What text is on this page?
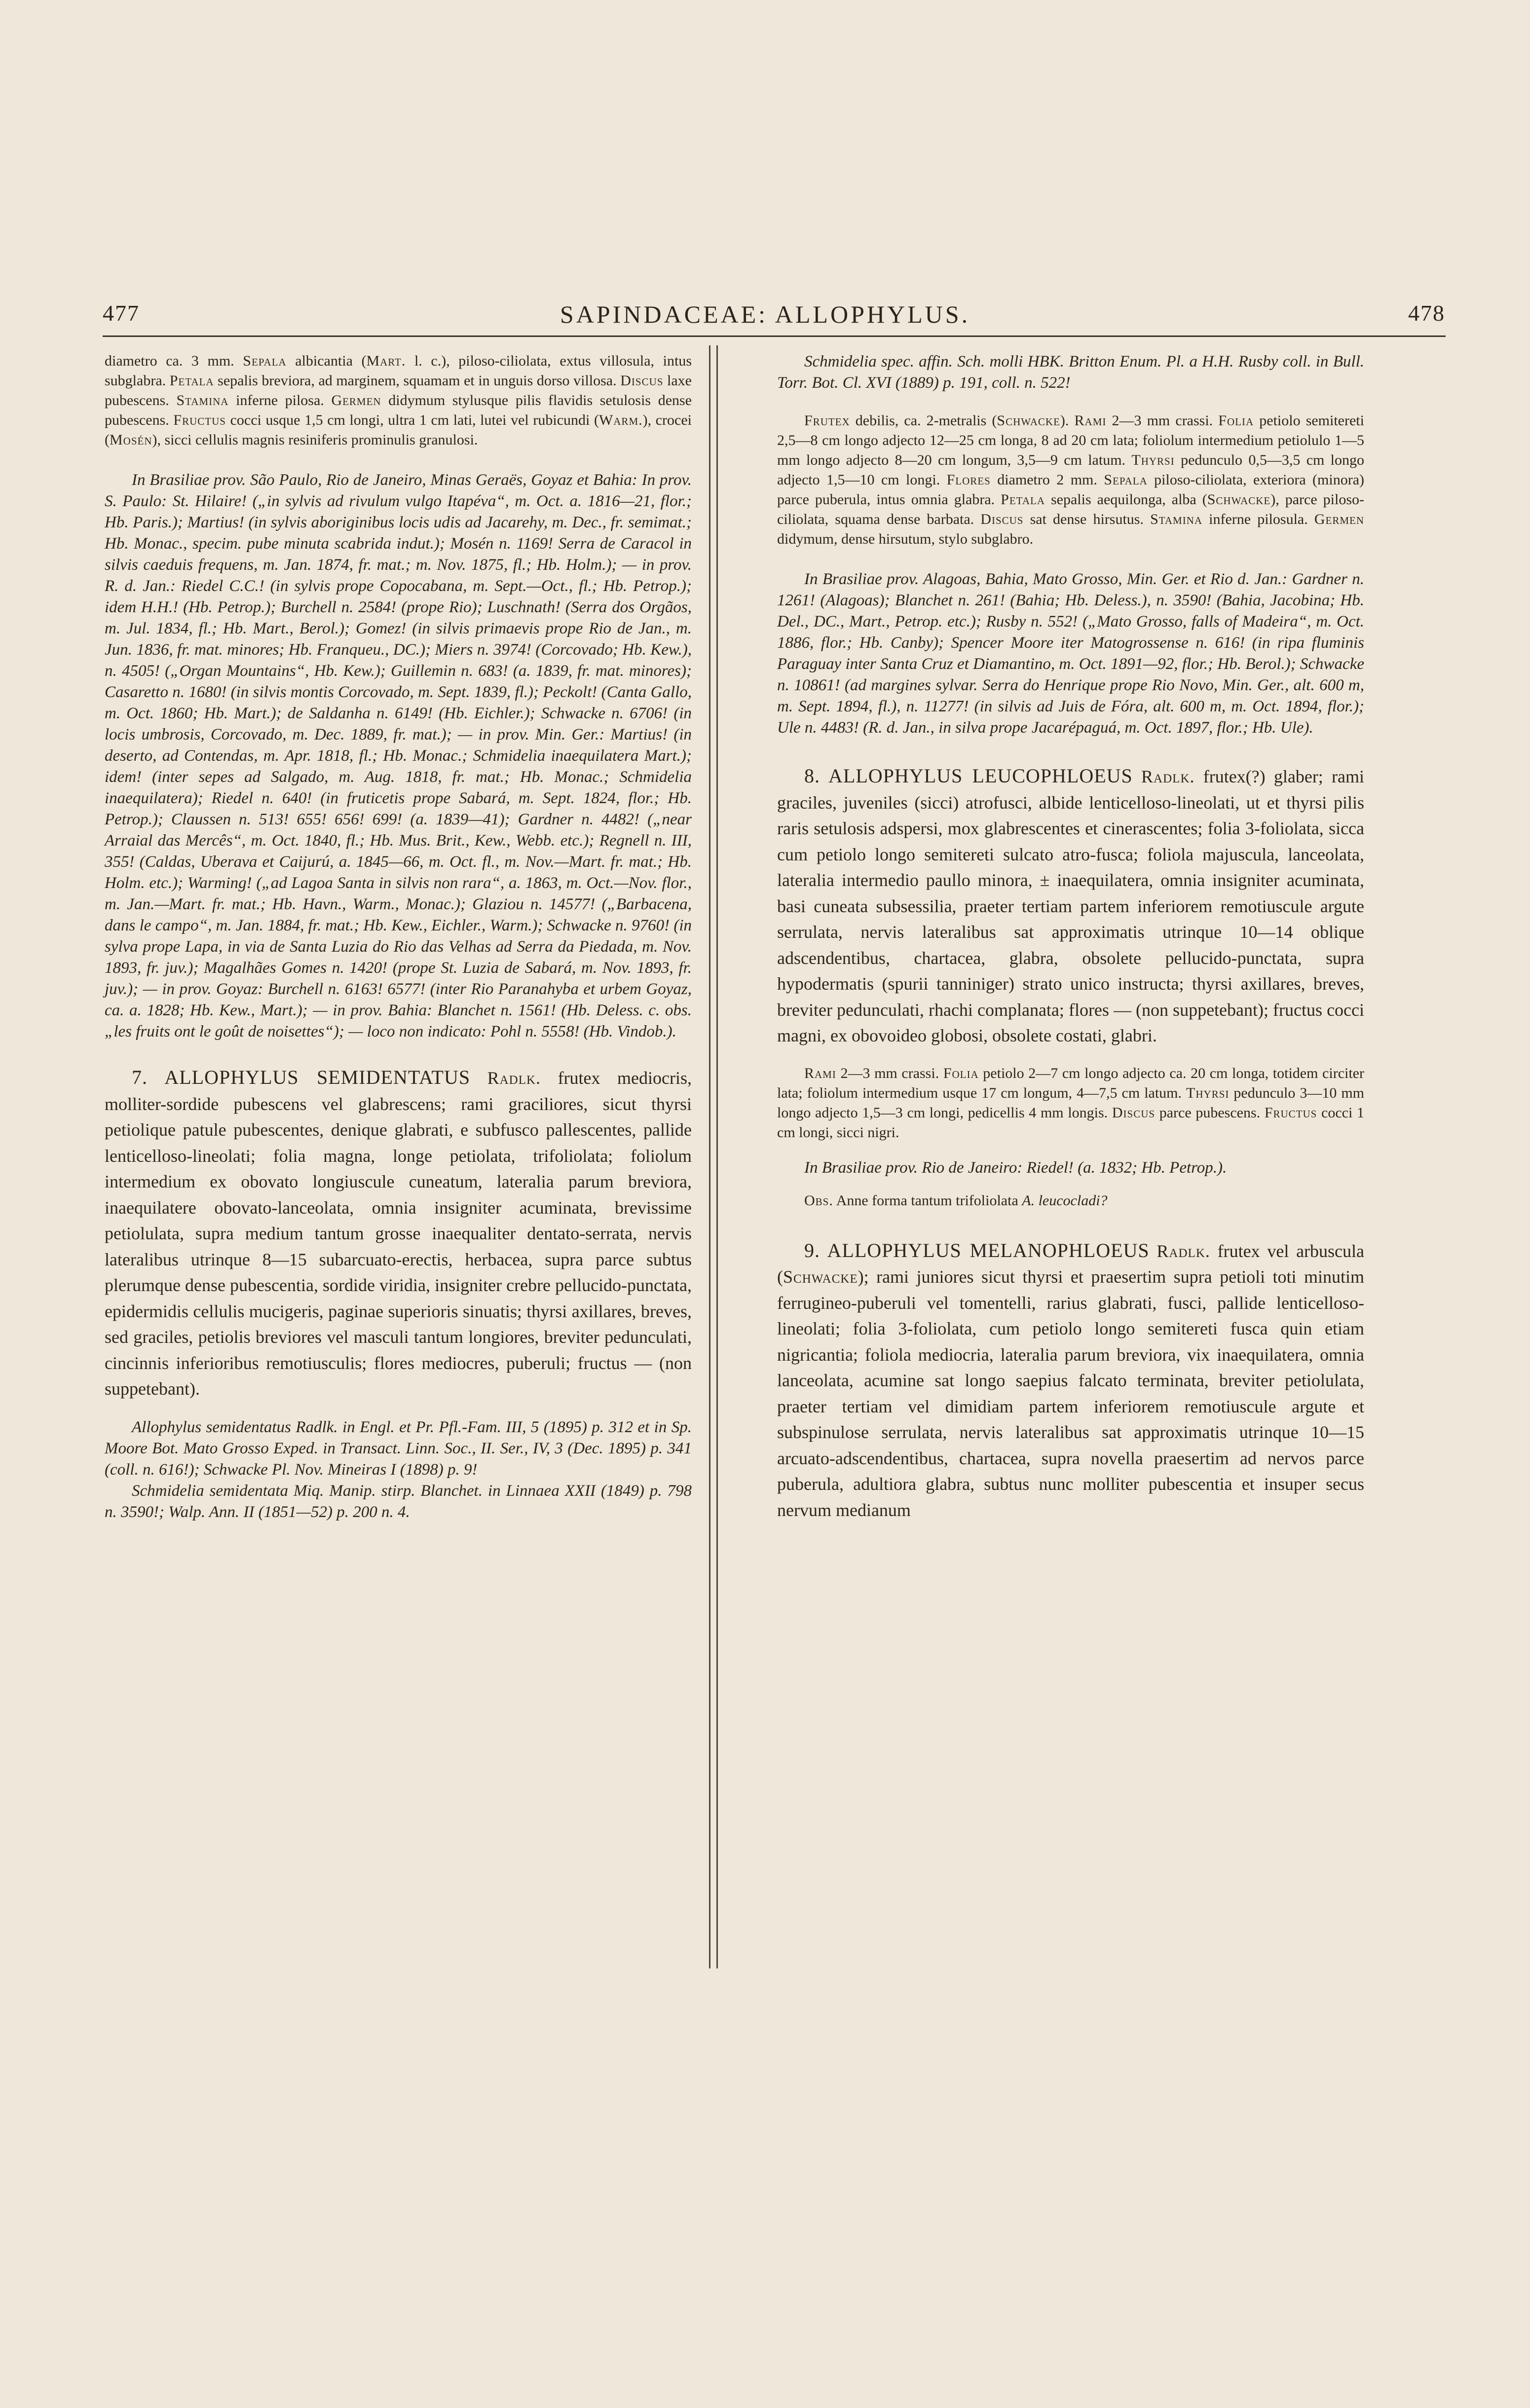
477	SAPINDACEAE: ALLOPHYLUS.	478

diametro ca. 3 mm. Sepala albicantia (Mart. l. c.), piloso-ciliolata, extus villosula, intus subglabra. Petala sepalis breviora, ad marginem, squamam et in unguis dorso villosa. Discus laxe pubescens. Stamina inferne pilosa. Germen didymum stylusque pilis flavidis setulosis dense pubescens. Fructus cocci usque 1,5 cm longi, ultra 1 cm lati, lutei vel rubicundi (Warm.), crocei (Mosén), sicci cellulis magnis resiniferis prominulis granulosi.

In Brasiliae prov. São Paulo, Rio de Janeiro, Minas Geraës, Goyaz et Bahia: In prov. S. Paulo: St. Hilaire! („in sylvis ad rivulum vulgo Itapéva“, m. Oct. a. 1816—21, flor.; Hb. Paris.); Martius! (in sylvis aboriginibus locis udis ad Jacarehy, m. Dec., fr. semimat.; Hb. Monac., specim. pube minuta scabrida indut.); Mosén n. 1169! Serra de Caracol in silvis caeduis frequens, m. Jan. 1874, fr. mat.; m. Nov. 1875, fl.; Hb. Holm.); — in prov. R. d. Jan.: Riedel C.C.! (in sylvis prope Copocabana, m. Sept.—Oct., fl.; Hb. Petrop.); idem H.H.! (Hb. Petrop.); Burchell n. 2584! (prope Rio); Luschnath! (Serra dos Orgãos, m. Jul. 1834, fl.; Hb. Mart., Berol.); Gomez! (in silvis primaevis prope Rio de Jan., m. Jun. 1836, fr. mat. minores; Hb. Franqueu., DC.); Miers n. 3974! (Corcovado; Hb. Kew.), n. 4505! („Organ Mountains“, Hb. Kew.); Guillemin n. 683! (a. 1839, fr. mat. minores); Casaretto n. 1680! (in silvis montis Corcovado, m. Sept. 1839, fl.); Peckolt! (Canta Gallo, m. Oct. 1860; Hb. Mart.); de Saldanha n. 6149! (Hb. Eichler.); Schwacke n. 6706! (in locis umbrosis, Corcovado, m. Dec. 1889, fr. mat.); — in prov. Min. Ger.: Martius! (in deserto, ad Contendas, m. Apr. 1818, fl.; Hb. Monac.; Schmidelia inaequilatera Mart.); idem! (inter sepes ad Salgado, m. Aug. 1818, fr. mat.; Hb. Monac.; Schmidelia inaequilatera); Riedel n. 640! (in fruticetis prope Sabará, m. Sept. 1824, flor.; Hb. Petrop.); Claussen n. 513! 655! 656! 699! (a. 1839—41); Gardner n. 4482! („near Arraial das Mercês“, m. Oct. 1840, fl.; Hb. Mus. Brit., Kew., Webb. etc.); Regnell n. III, 355! (Caldas, Uberava et Caijurú, a. 1845—66, m. Oct. fl., m. Nov.—Mart. fr. mat.; Hb. Holm. etc.); Warming! („ad Lagoa Santa in silvis non rara“, a. 1863, m. Oct.—Nov. flor., m. Jan.—Mart. fr. mat.; Hb. Havn., Warm., Monac.); Glaziou n. 14577! („Barbacena, dans le campo“, m. Jan. 1884, fr. mat.; Hb. Kew., Eichler., Warm.); Schwacke n. 9760! (in sylva prope Lapa, in via de Santa Luzia do Rio das Velhas ad Serra da Piedada, m. Nov. 1893, fr. juv.); Magalhães Gomes n. 1420! (prope St. Luzia de Sabará, m. Nov. 1893, fr. juv.); — in prov. Goyaz: Burchell n. 6163! 6577! (inter Rio Paranahyba et urbem Goyaz, ca. a. 1828; Hb. Kew., Mart.); — in prov. Bahia: Blanchet n. 1561! (Hb. Deless. c. obs. „les fruits ont le goût de noisettes“); — loco non indicato: Pohl n. 5558! (Hb. Vindob.).

7. ALLOPHYLUS SEMIDENTATUS Radlk. frutex mediocris, molliter-sordide pubescens vel glabrescens; rami graciliores, sicut thyrsi petiolique patule pubescentes, denique glabrati, e subfusco pallescentes, pallide lenticelloso-lineolati; folia magna, longe petiolata, trifoliolata; foliolum intermedium ex obovato longiuscule cuneatum, lateralia parum breviora, inaequilatere obovato-lanceolata, omnia insigniter acuminata, brevissime petiolulata, supra medium tantum grosse inaequaliter dentato-serrata, nervis lateralibus utrinque 8—15 subarcuato-erectis, herbacea, supra parce subtus plerumque dense pubescentia, sordide viridia, insigniter crebre pellucido-punctata, epidermidis cellulis mucigeris, paginae superioris sinuatis; thyrsi axillares, breves, sed graciles, petiolis breviores vel masculi tantum longiores, breviter pedunculati, cincinnis inferioribus remotiusculis; flores mediocres, puberuli; fructus — (non suppetebant).

Allophylus semidentatus Radlk. in Engl. et Pr. Pfl.-Fam. III, 5 (1895) p. 312 et in Sp. Moore Bot. Mato Grosso Exped. in Transact. Linn. Soc., II. Ser., IV, 3 (Dec. 1895) p. 341 (coll. n. 616!); Schwacke Pl. Nov. Mineiras I (1898) p. 9!

Schmidelia semidentata Miq. Manip. stirp. Blanchet. in Linnaea XXII (1849) p. 798 n. 3590!; Walp. Ann. II (1851—52) p. 200 n. 4.

Schmidelia spec. affin. Sch. molli HBK. Britton Enum. Pl. a H.H. Rusby coll. in Bull. Torr. Bot. Cl. XVI (1889) p. 191, coll. n. 522!

Frutex debilis, ca. 2-metralis (Schwacke). Rami 2—3 mm crassi. Folia petiolo semitereti 2,5—8 cm longo adjecto 12—25 cm longa, 8 ad 20 cm lata; foliolum intermedium petiolulo 1—5 mm longo adjecto 8—20 cm longum, 3,5—9 cm latum. Thyrsi pedunculo 0,5—3,5 cm longo adjecto 1,5—10 cm longi. Flores diametro 2 mm. Sepala piloso-ciliolata, exteriora (minora) parce puberula, intus omnia glabra. Petala sepalis aequilonga, alba (Schwacke), parce piloso-ciliolata, squama dense barbata. Discus sat dense hirsutus. Stamina inferne pilosula. Germen didymum, dense hirsutum, stylo subglabro.

In Brasiliae prov. Alagoas, Bahia, Mato Grosso, Min. Ger. et Rio d. Jan.: Gardner n. 1261! (Alagoas); Blanchet n. 261! (Bahia; Hb. Deless.), n. 3590! (Bahia, Jacobina; Hb. Del., DC., Mart., Petrop. etc.); Rusby n. 552! („Mato Grosso, falls of Madeira“, m. Oct. 1886, flor.; Hb. Canby); Spencer Moore iter Matogrossense n. 616! (in ripa fluminis Paraguay inter Santa Cruz et Diamantino, m. Oct. 1891—92, flor.; Hb. Berol.); Schwacke n. 10861! (ad margines sylvar. Serra do Henrique prope Rio Novo, Min. Ger., alt. 600 m, m. Sept. 1894, fl.), n. 11277! (in silvis ad Juis de Fóra, alt. 600 m, m. Oct. 1894, flor.); Ule n. 4483! (R. d. Jan., in silva prope Jacarépaguá, m. Oct. 1897, flor.; Hb. Ule).

8. ALLOPHYLUS LEUCOPHLOEUS Radlk. frutex(?) glaber; rami graciles, juveniles (sicci) atrofusci, albide lenticelloso-lineolati, ut et thyrsi pilis raris setulosis adspersi, mox glabrescentes et cinerascentes; folia 3-foliolata, sicca cum petiolo longo semitereti sulcato atro-fusca; foliola majuscula, lanceolata, lateralia intermedio paullo minora, ± inaequilatera, omnia insigniter acuminata, basi cuneata subsessilia, praeter tertiam partem inferiorem remotiuscule argute serrulata, nervis lateralibus sat approximatis utrinque 10—14 oblique adscendentibus, chartacea, glabra, obsolete pellucido-punctata, supra hypodermatis (spurii tanniniger) strato unico instructa; thyrsi axillares, breves, breviter pedunculati, rhachi complanata; flores — (non suppetebant); fructus cocci magni, ex obovoideo globosi, obsolete costati, glabri.

Rami 2—3 mm crassi. Folia petiolo 2—7 cm longo adjecto ca. 20 cm longa, totidem circiter lata; foliolum intermedium usque 17 cm longum, 4—7,5 cm latum. Thyrsi pedunculo 3—10 mm longo adjecto 1,5—3 cm longi, pedicellis 4 mm longis. Discus parce pubescens. Fructus cocci 1 cm longi, sicci nigri.

In Brasiliae prov. Rio de Janeiro: Riedel! (a. 1832; Hb. Petrop.).

Obs. Anne forma tantum trifoliolata A. leucocladi?

9. ALLOPHYLUS MELANOPHLOEUS Radlk. frutex vel arbuscula (Schwacke); rami juniores sicut thyrsi et praesertim supra petioli toti minutim ferrugineo-puberuli vel tomentelli, rarius glabrati, fusci, pallide lenticelloso-lineolati; folia 3-foliolata, cum petiolo longo semitereti fusca quin etiam nigricantia; foliola mediocria, lateralia parum breviora, vix inaequilatera, omnia lanceolata, acumine sat longo saepius falcato terminata, breviter petiolulata, praeter tertiam vel dimidiam partem inferiorem remotiuscule argute et subspinulose serrulata, nervis lateralibus sat approximatis utrinque 10—15 arcuato-adscendentibus, chartacea, supra novella praesertim ad nervos parce puberula, adultiora glabra, subtus nunc molliter pubescentia et insuper secus nervum medianum
